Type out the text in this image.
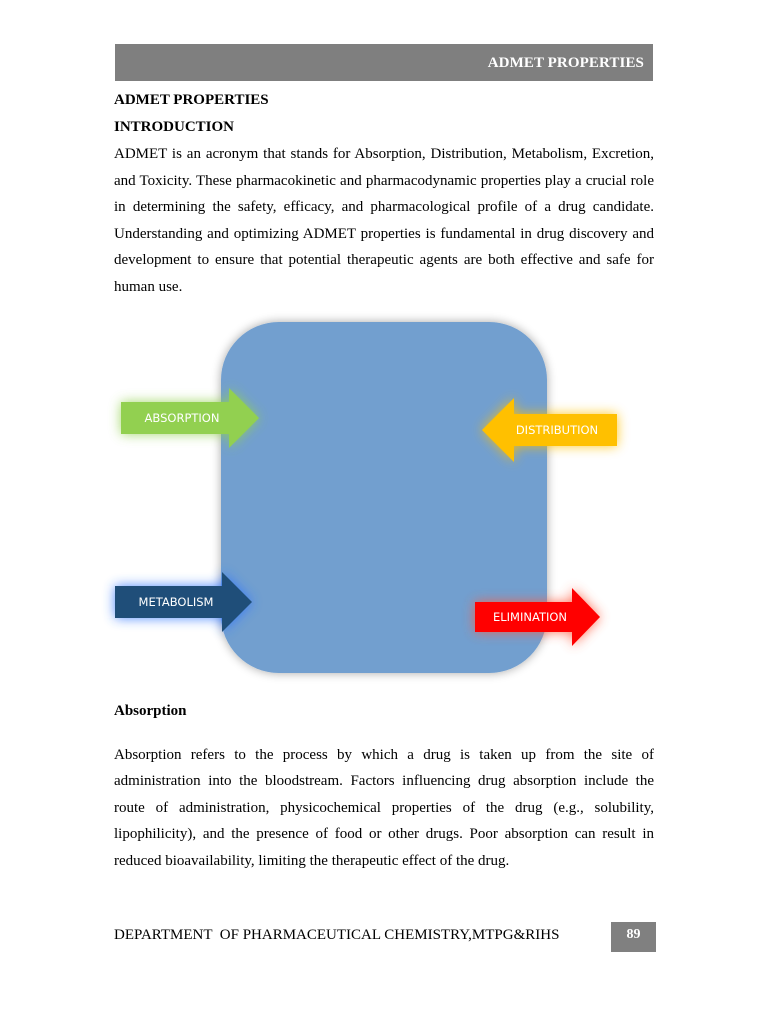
ADMET PROPERTIES
ADMET PROPERTIES
INTRODUCTION

ADMET is an acronym that stands for Absorption, Distribution, Metabolism, Excretion,

and Toxicity. These pharmacokinetic and pharmacodynamic properties play a crucial role

in determining the safety, efficacy, and pharmacological profile of a drug candidate.

Understanding and optimizing ADMET properties is fundamental in drug discovery and

development to ensure that potential therapeutic agents are both effective and safe for

human use.

ABSORPTION
DISTRIBUTION
METABOLISM
ELIMINATION
Absorption

Absorption refers to the process by which a drug is taken up from the site of

administration into the bloodstream. Factors influencing drug absorption include the

route of administration, physicochemical properties of the drug (e.g., solubility,

lipophilicity), and the presence of food or other drugs. Poor absorption can result in

reduced bioavailability, limiting the therapeutic effect of the drug.

DEPARTMENT  OF PHARMACEUTICAL CHEMISTRY,MTPG&RIHS	89
